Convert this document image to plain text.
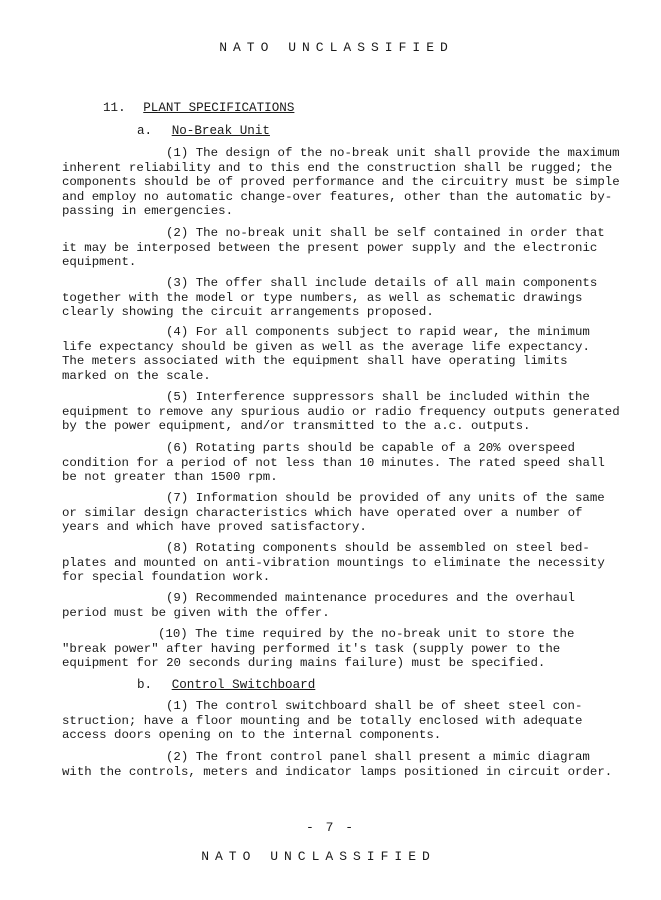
NATO UNCLASSIFIED
11. PLANT SPECIFICATIONS
a. No-Break Unit
(1) The design of the no-break unit shall provide the maximum
inherent reliability and to this end the construction shall be rugged; the
components should be of proved performance and the circuitry must be simple
and employ no automatic change-over features, other than the automatic by-
passing in emergencies.
(2) The no-break unit shall be self contained in order that
it may be interposed between the present power supply and the electronic
equipment.
(3) The offer shall include details of all main components
together with the model or type numbers, as well as schematic drawings
clearly showing the circuit arrangements proposed.
(4) For all components subject to rapid wear, the minimum
life expectancy should be given as well as the average life expectancy.
The meters associated with the equipment shall have operating limits
marked on the scale.
(5) Interference suppressors shall be included within the
equipment to remove any spurious audio or radio frequency outputs generated
by the power equipment, and/or transmitted to the a.c. outputs.
(6) Rotating parts should be capable of a 20% overspeed
condition for a period of not less than 10 minutes. The rated speed shall
be not greater than 1500 rpm.
(7) Information should be provided of any units of the same
or similar design characteristics which have operated over a number of
years and which have proved satisfactory.
(8) Rotating components should be assembled on steel bed-
plates and mounted on anti-vibration mountings to eliminate the necessity
for special foundation work.
(9) Recommended maintenance procedures and the overhaul
period must be given with the offer.
(10) The time required by the no-break unit to store the
"break power" after having performed it's task (supply power to the
equipment for 20 seconds during mains failure) must be specified.
b. Control Switchboard
(1) The control switchboard shall be of sheet steel con-
struction; have a floor mounting and be totally enclosed with adequate
access doors opening on to the internal components.
(2) The front control panel shall present a mimic diagram
with the controls, meters and indicator lamps positioned in circuit order.
- 7 -
NATO UNCLASSIFIED
